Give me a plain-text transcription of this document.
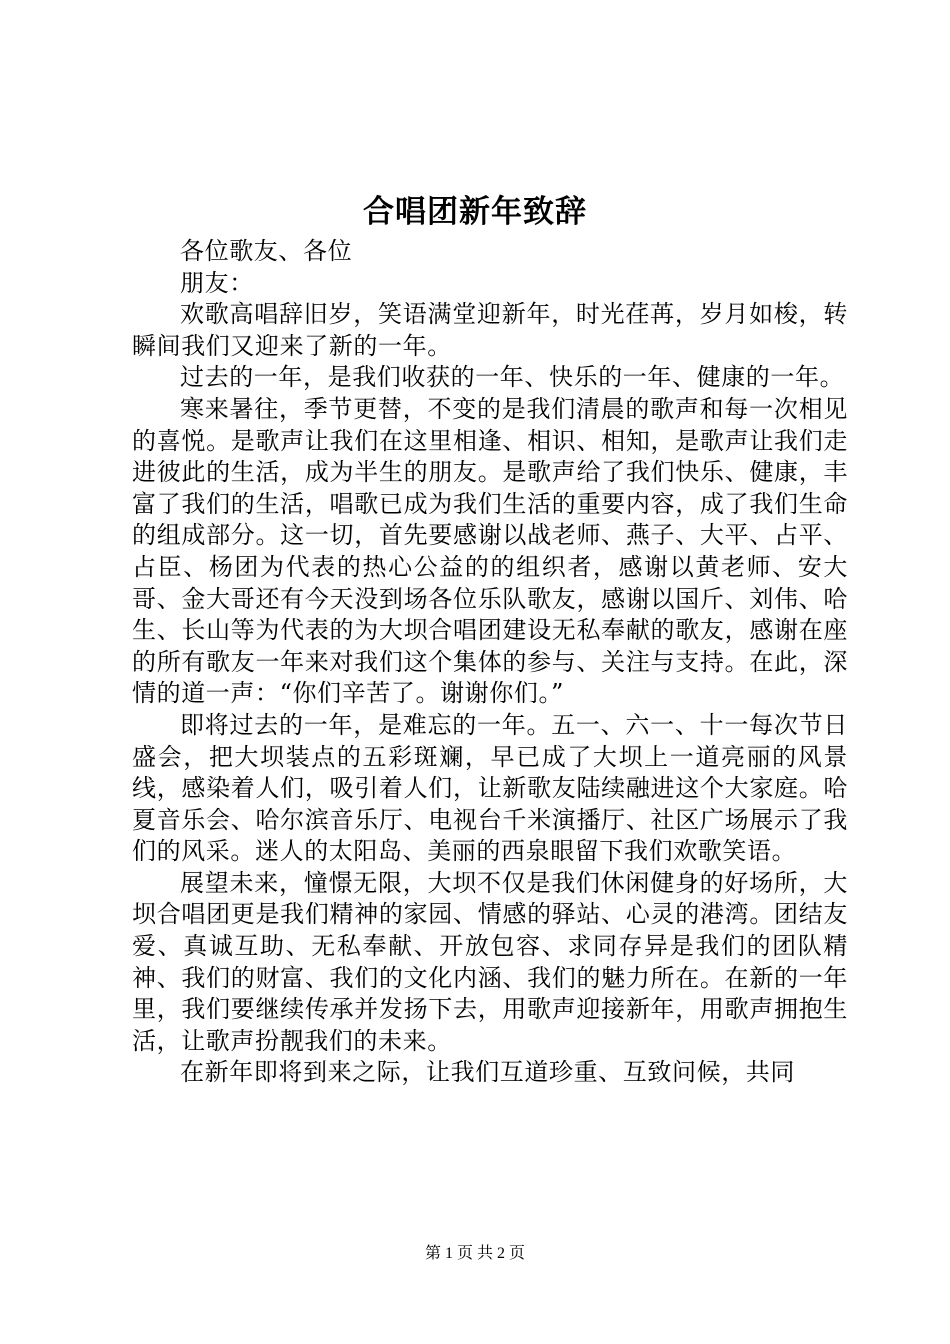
合唱团新年致辞

各位歌友、各位

朋友：

欢歌高唱辞旧岁，笑语满堂迎新年，时光荏苒，岁月如梭，转瞬间我们又迎来了新的一年。

过去的一年，是我们收获的一年、快乐的一年、健康的一年。

寒来暑往，季节更替，不变的是我们清晨的歌声和每一次相见的喜悦。是歌声让我们在这里相逢、相识、相知，是歌声让我们走进彼此的生活，成为半生的朋友。是歌声给了我们快乐、健康，丰富了我们的生活，唱歌已成为我们生活的重要内容，成了我们生命的组成部分。这一切，首先要感谢以战老师、燕子、大平、占平、占臣、杨团为代表的热心公益的的组织者，感谢以黄老师、安大哥、金大哥还有今天没到场各位乐队歌友，感谢以国斤、刘伟、哈生、长山等为代表的为大坝合唱团建设无私奉献的歌友，感谢在座的所有歌友一年来对我们这个集体的参与、关注与支持。在此，深情的道一声：“你们辛苦了。谢谢你们。”

即将过去的一年，是难忘的一年。五一、六一、十一每次节日盛会，把大坝装点的五彩斑斓，早已成了大坝上一道亮丽的风景线，感染着人们，吸引着人们，让新歌友陆续融进这个大家庭。哈夏音乐会、哈尔滨音乐厅、电视台千米演播厅、社区广场展示了我们的风采。迷人的太阳岛、美丽的西泉眼留下我们欢歌笑语。

展望未来，憧憬无限，大坝不仅是我们休闲健身的好场所，大坝合唱团更是我们精神的家园、情感的驿站、心灵的港湾。团结友爱、真诚互助、无私奉献、开放包容、求同存异是我们的团队精神、我们的财富、我们的文化内涵、我们的魅力所在。在新的一年里，我们要继续传承并发扬下去，用歌声迎接新年，用歌声拥抱生活，让歌声扮靓我们的未来。

在新年即将到来之际，让我们互道珍重、互致问候，共同

第 1 页 共 2 页
